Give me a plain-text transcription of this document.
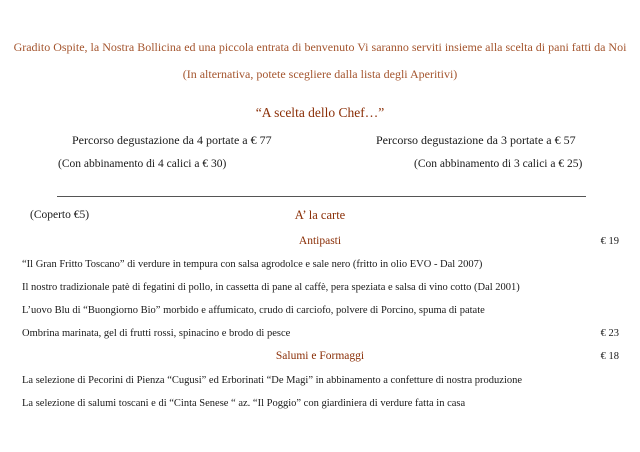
Gradito Ospite, la Nostra Bollicina ed una piccola entrata di benvenuto Vi saranno serviti insieme alla scelta di pani fatti da Noi
(In alternativa, potete scegliere dalla lista degli Aperitivi)
“A scelta dello Chef…”
Percorso degustazione da 4 portate a € 77	Percorso degustazione da 3 portate a € 57
(Con abbinamento di 4 calici a € 30)	(Con abbinamento di 3 calici a € 25)
(Coperto €5)	A’ la carte
Antipasti	€ 19
“Il Gran Fritto Toscano” di verdure in tempura con salsa agrodolce e sale nero (fritto in olio EVO - Dal 2007)
Il nostro tradizionale patè di fegatini di pollo, in cassetta di pane al caffè, pera speziata e salsa di vino cotto (Dal 2001)
L’uovo Blu di “Buongiorno Bio” morbido e affumicato, crudo di carciofo, polvere di Porcino, spuma di patate
Ombrina marinata, gel di frutti rossi, spinacino e brodo di pesce	€ 23
Salumi e Formaggi	€ 18
La selezione di Pecorini di Pienza “Cugusi” ed Erborinati “De Magi” in abbinamento a confetture di nostra produzione
La selezione di salumi toscani e di “Cinta Senese “ az. “Il Poggio” con giardiniera di verdure fatta in casa
